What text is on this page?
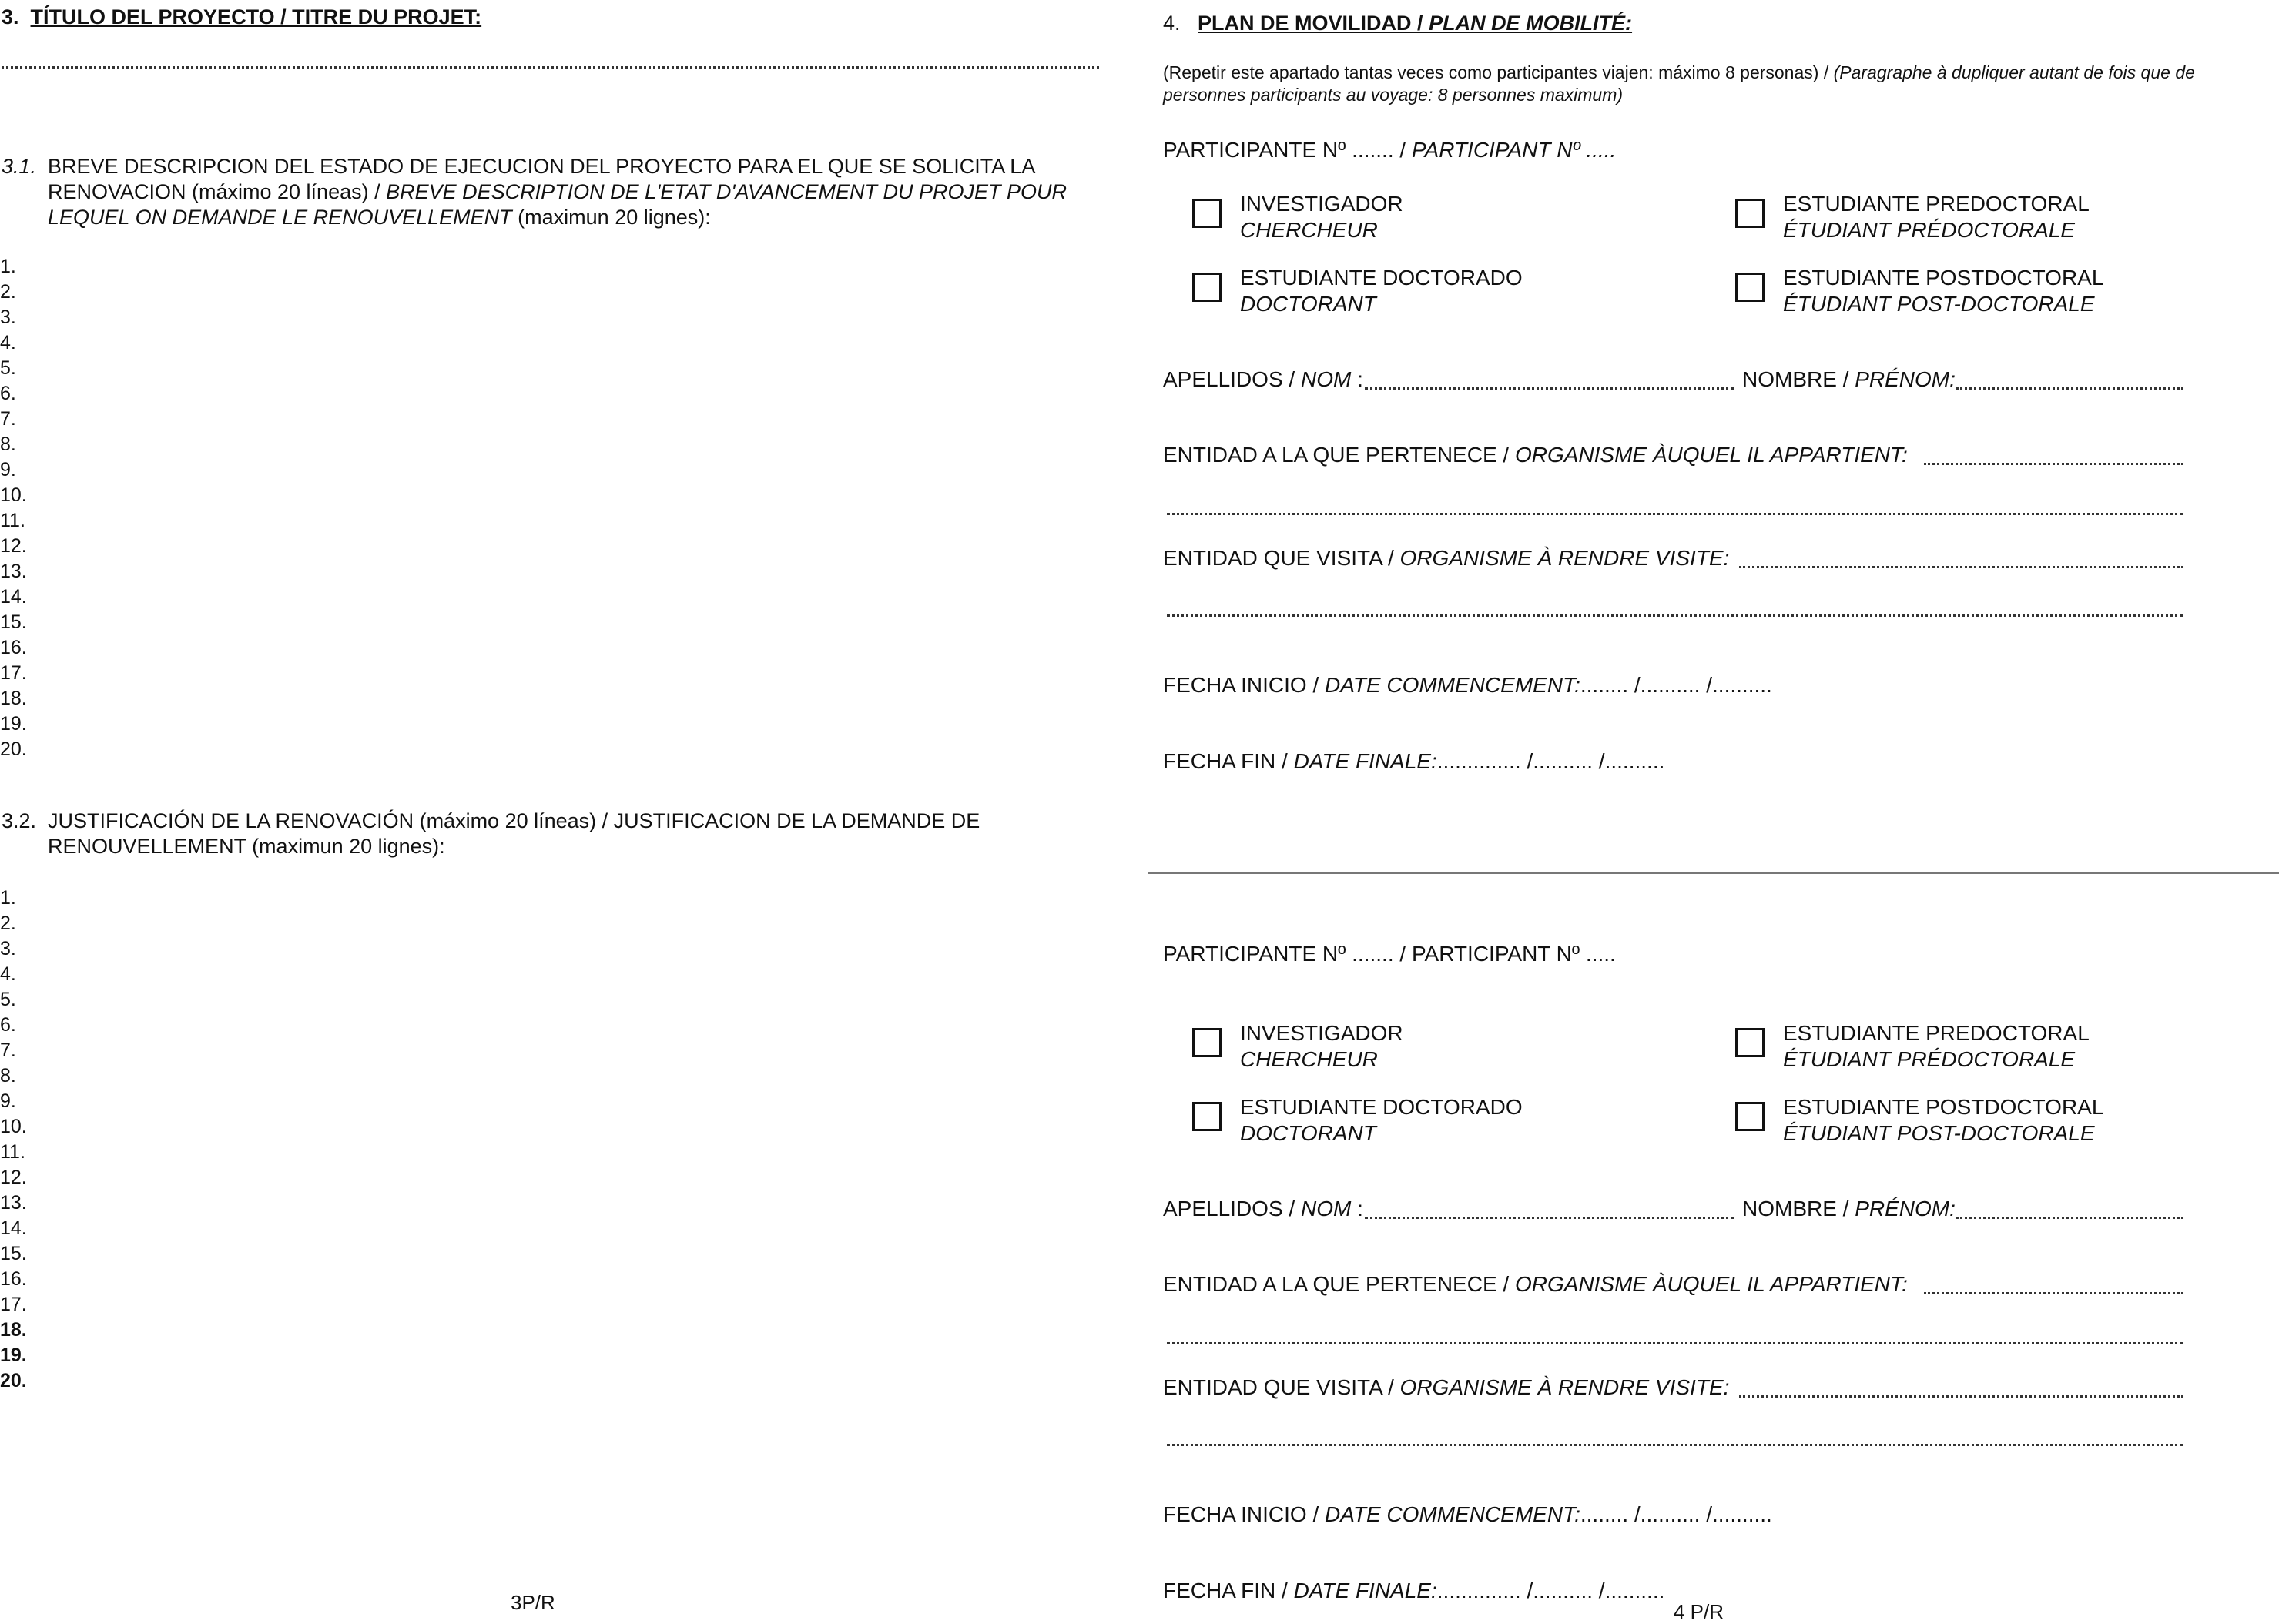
3. TÍTULO DEL PROYECTO / TITRE DU PROJET:
3.1. BREVE DESCRIPCION DEL ESTADO DE EJECUCION DEL PROYECTO PARA EL QUE SE SOLICITA LA
RENOVACION (máximo 20 líneas) / BREVE DESCRIPTION DE L'ETAT D'AVANCEMENT DU PROJET POUR
LEQUEL ON DEMANDE LE RENOUVELLEMENT (maximun 20 lignes):
1.
2.
3.
4.
5.
6.
7.
8.
9.
10.
11.
12.
13.
14.
15.
16.
17.
18.
19.
20.
3.2. JUSTIFICACIÓN DE LA RENOVACIÓN (máximo 20 líneas) / JUSTIFICACION DE LA DEMANDE DE
RENOUVELLEMENT (maximun 20 lignes):
1.
2.
3.
4.
5.
6.
7.
8.
9.
10.
11.
12.
13.
14.
15.
16.
17.
18.
19.
20.
3P/R
4. PLAN DE MOVILIDAD / PLAN DE MOBILITÉ:
(Repetir este apartado tantas veces como participantes viajen: máximo 8 personas) / (Paragraphe à dupliquer autant de fois que de
personnes participants au voyage: 8 personnes maximum)
PARTICIPANTE Nº ....... / PARTICIPANT Nº .....
INVESTIGADOR
CHERCHEUR
ESTUDIANTE PREDOCTORAL
ÉTUDIANT PRÉDOCTORALE
ESTUDIANTE DOCTORADO
DOCTORANT
ESTUDIANTE POSTDOCTORAL
ÉTUDIANT POST-DOCTORALE
APELLIDOS / NOM :	NOMBRE / PRÉNOM:
ENTIDAD A LA QUE PERTENECE / ORGANISME ÀUQUEL IL APPARTIENT:
ENTIDAD QUE VISITA / ORGANISME À RENDRE VISITE:
FECHA INICIO / DATE COMMENCEMENT:........ /.......... /..........
FECHA FIN / DATE FINALE:.............. /.......... /..........
PARTICIPANTE Nº ....... / PARTICIPANT Nº .....
INVESTIGADOR
CHERCHEUR
ESTUDIANTE PREDOCTORAL
ÉTUDIANT PRÉDOCTORALE
ESTUDIANTE DOCTORADO
DOCTORANT
ESTUDIANTE POSTDOCTORAL
ÉTUDIANT POST-DOCTORALE
APELLIDOS / NOM :	NOMBRE / PRÉNOM:
ENTIDAD A LA QUE PERTENECE / ORGANISME ÀUQUEL IL APPARTIENT:
ENTIDAD QUE VISITA / ORGANISME À RENDRE VISITE:
FECHA INICIO / DATE COMMENCEMENT:........ /.......... /..........
FECHA FIN / DATE FINALE:.............. /.......... /..........
4 P/R
